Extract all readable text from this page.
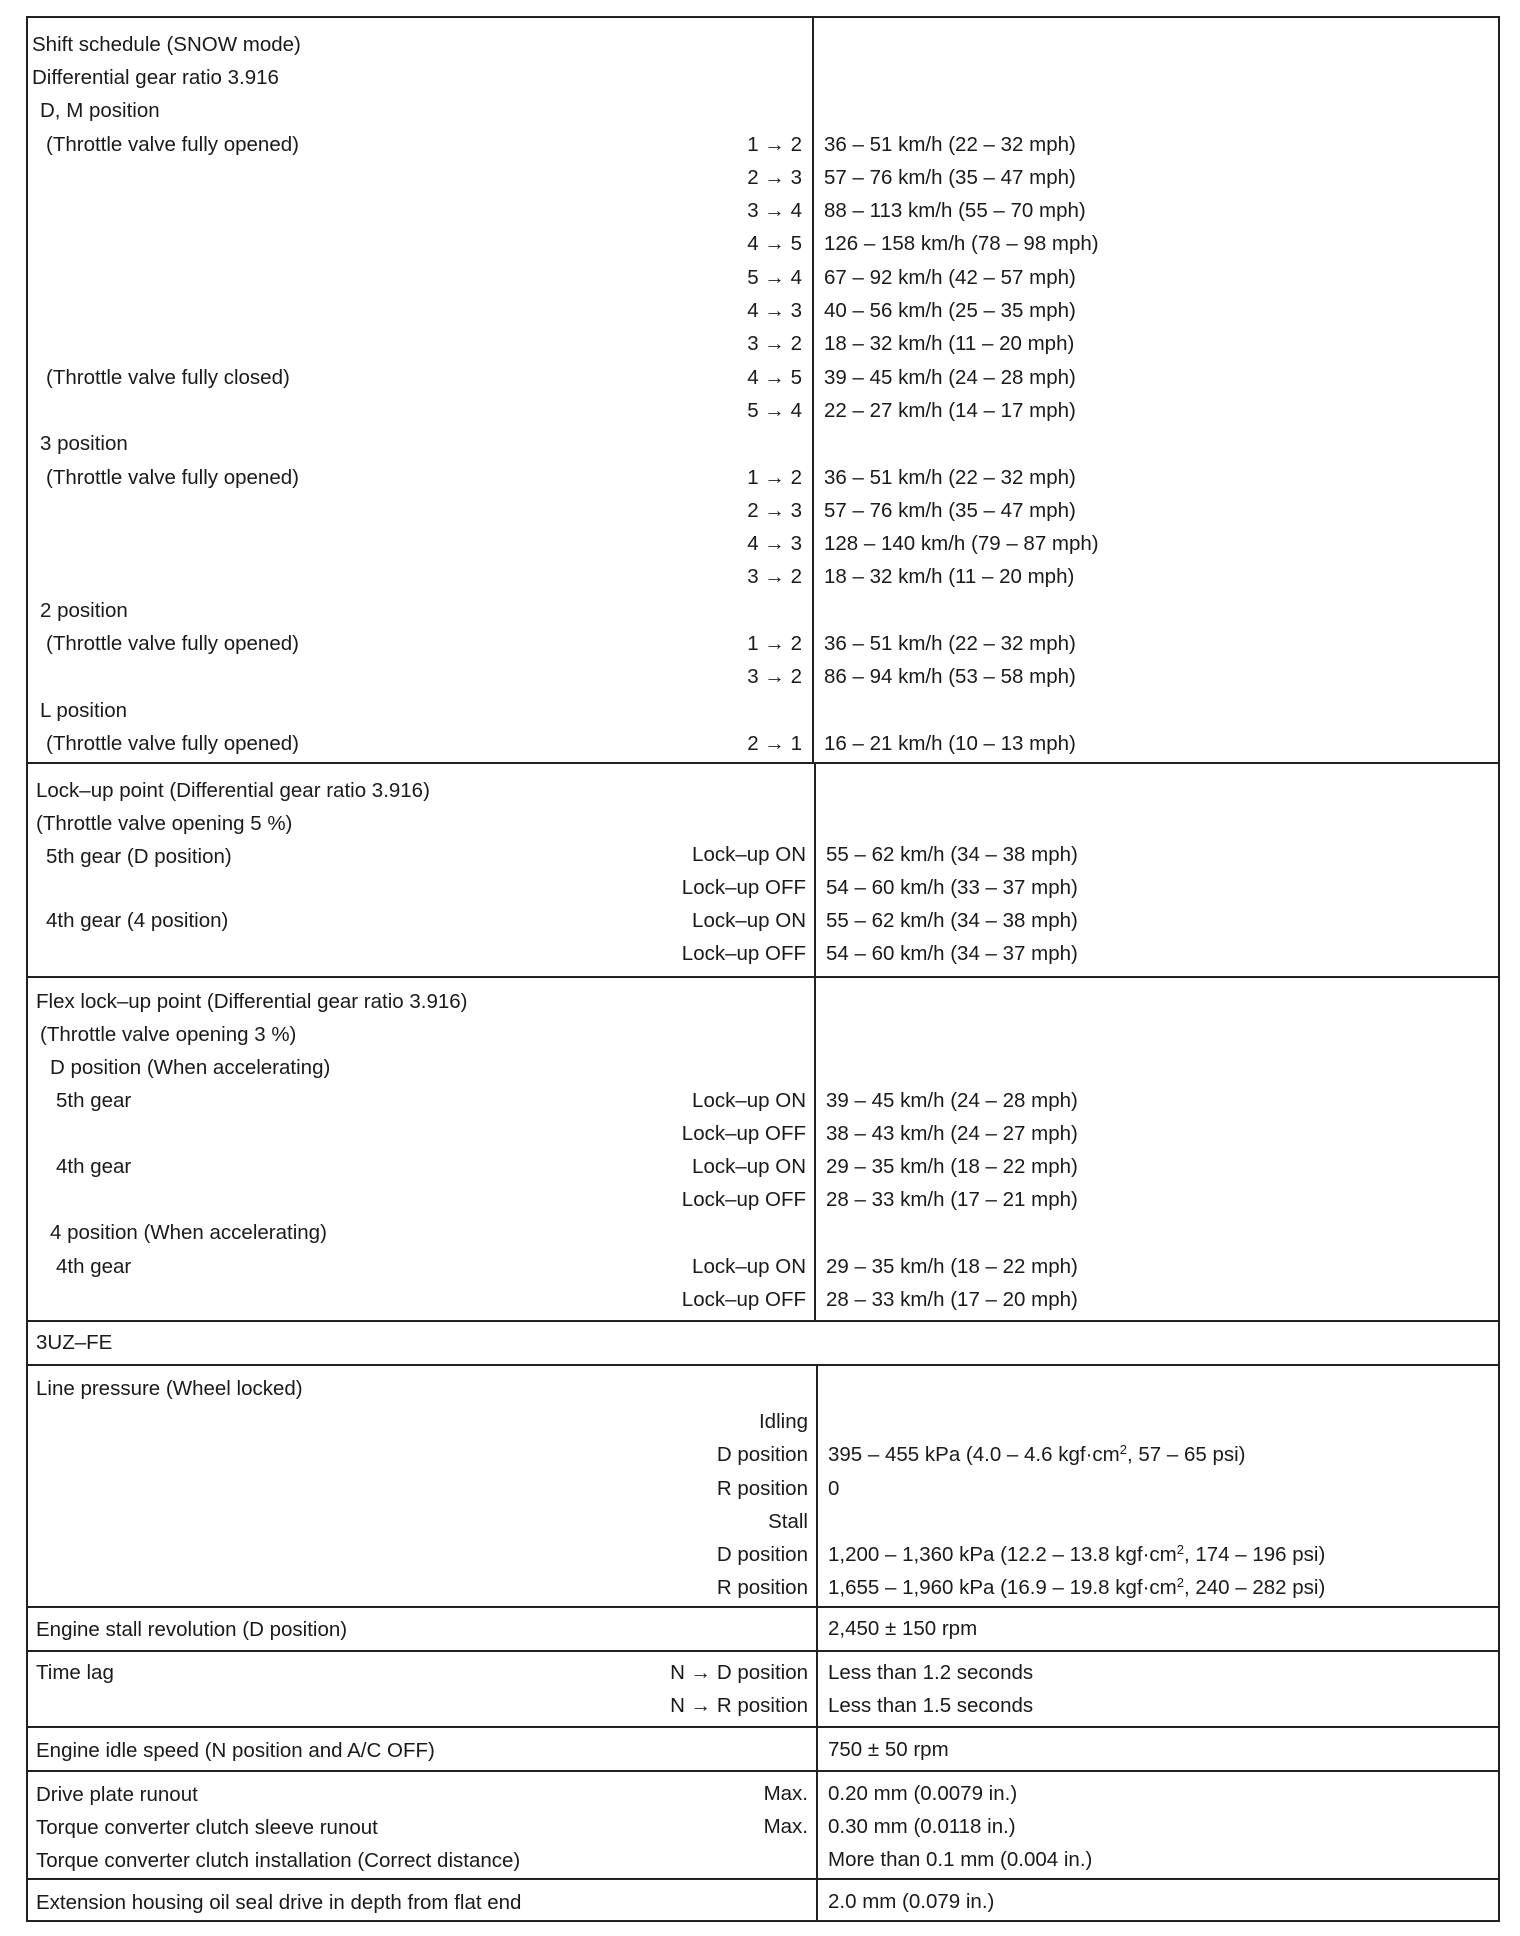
Shift schedule (SNOW mode)
Differential gear ratio 3.916
D, M position
(Throttle valve fully opened)	1 → 2 36 – 51 km/h (22 – 32 mph)
2 → 3 57 – 76 km/h (35 – 47 mph)
3 → 4 88 – 113 km/h (55 – 70 mph)
4 → 5 126 – 158 km/h (78 – 98 mph)
5 → 4 67 – 92 km/h (42 – 57 mph)
4 → 3 40 – 56 km/h (25 – 35 mph)
3 → 2 18 – 32 km/h (11 – 20 mph)
(Throttle valve fully closed)	4 → 5 39 – 45 km/h (24 – 28 mph)
5 → 4 22 – 27 km/h (14 – 17 mph)
3 position
(Throttle valve fully opened)	1 → 2 36 – 51 km/h (22 – 32 mph)
2 → 3 57 – 76 km/h (35 – 47 mph)
4 → 3 128 – 140 km/h (79 – 87 mph)
3 → 2 18 – 32 km/h (11 – 20 mph)
2 position
(Throttle valve fully opened)	1 → 2 36 – 51 km/h (22 – 32 mph)
3 → 2 86 – 94 km/h (53 – 58 mph)
L position
(Throttle valve fully opened)	2 → 1 16 – 21 km/h (10 – 13 mph)
Lock–up point (Differential gear ratio 3.916)
(Throttle valve opening 5 %)
5th gear (D position)	Lock–up ON 55 – 62 km/h (34 – 38 mph)
Lock–up OFF 54 – 60 km/h (33 – 37 mph)
4th gear (4 position)	Lock–up ON 55 – 62 km/h (34 – 38 mph)
Lock–up OFF 54 – 60 km/h (34 – 37 mph)
Flex lock–up point (Differential gear ratio 3.916)
(Throttle valve opening 3 %)
D position (When accelerating)
5th gear	Lock–up ON 39 – 45 km/h (24 – 28 mph)
Lock–up OFF 38 – 43 km/h (24 – 27 mph)
4th gear	Lock–up ON 29 – 35 km/h (18 – 22 mph)
Lock–up OFF 28 – 33 km/h (17 – 21 mph)
4 position (When accelerating)
4th gear	Lock–up ON 29 – 35 km/h (18 – 22 mph)
Lock–up OFF 28 – 33 km/h (17 – 20 mph)
3UZ–FE
Line pressure (Wheel locked)
Idling
D position 395 – 455 kPa (4.0 – 4.6 $kgf\cdot cm^2$, 57 – 65 psi)
R position 0
Stall
D position 1,200 – 1,360 kPa (12.2 – 13.8 $kgf\cdot cm^2$, 174 – 196 psi)
R position 1,655 – 1,960 kPa (16.9 – 19.8 $kgf\cdot cm^2$, 240 – 282 psi)
Engine stall revolution (D position)	2,450 ± 150 rpm
Time lag	N → D position Less than 1.2 seconds
N → R position Less than 1.5 seconds
Engine idle speed (N position and A/C OFF)	750 ± 50 rpm
Drive plate runout	Max. 0.20 mm (0.0079 in.)
Torque converter clutch sleeve runout	Max. 0.30 mm (0.0118 in.)
Torque converter clutch installation (Correct distance)	More than 0.1 mm (0.004 in.)
Extension housing oil seal drive in depth from flat end	2.0 mm (0.079 in.)
